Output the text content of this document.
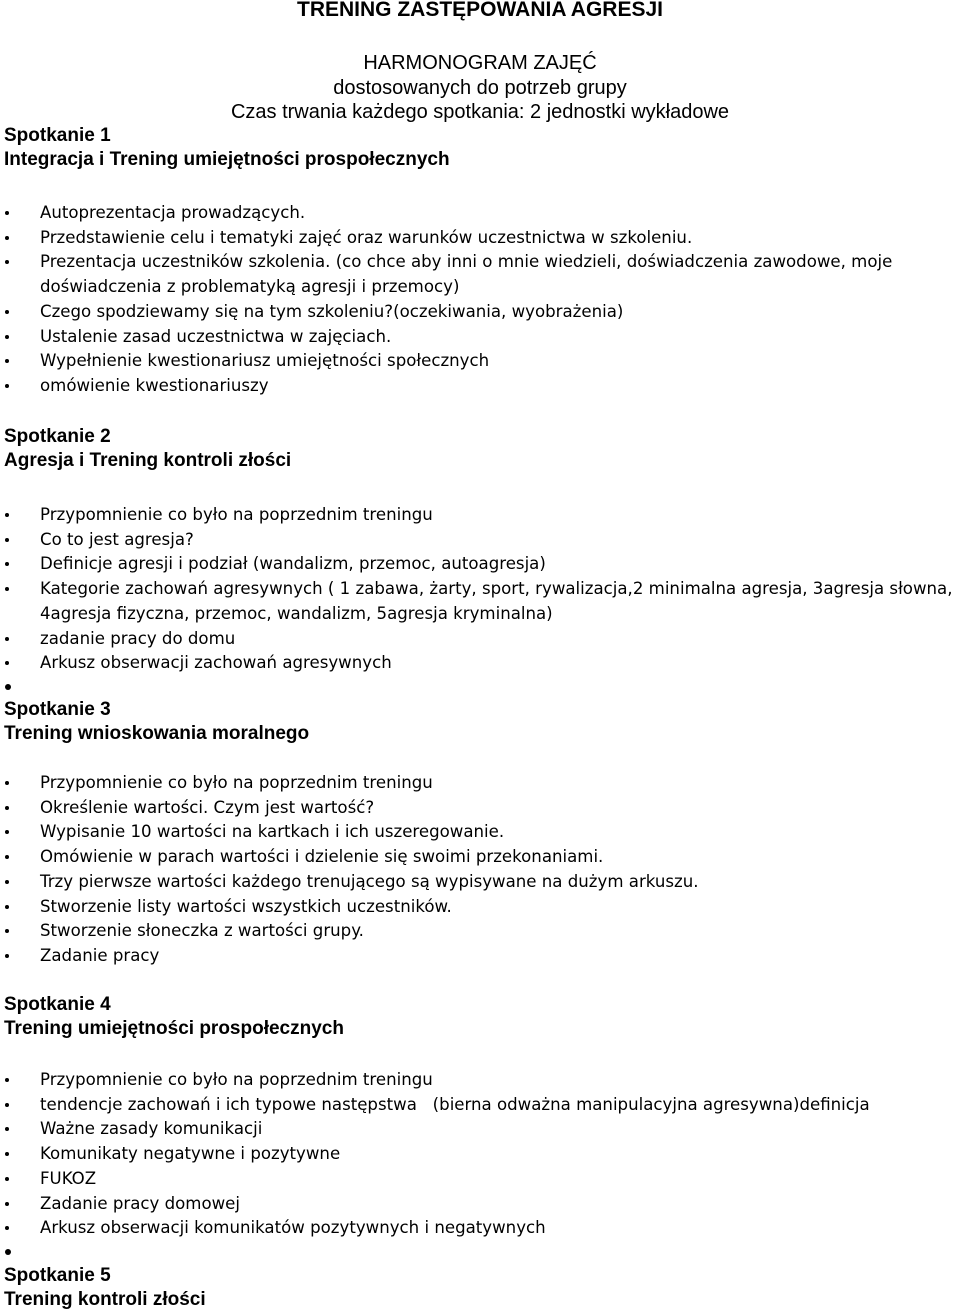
TRENING ZASTĘPOWANIA AGRESJI
HARMONOGRAM ZAJĘĆ
dostosowanych do potrzeb grupy
Czas trwania każdego spotkania: 2 jednostki wykładowe
Spotkanie 1
Integracja i Trening umiejętności prospołecznych
Autoprezentacja prowadzących.
Przedstawienie celu i tematyki zajęć oraz warunków uczestnictwa w szkoleniu.
Prezentacja uczestników szkolenia. (co chce aby inni o mnie wiedzieli, doświadczenia zawodowe, moje doświadczenia z problematyką agresji i przemocy)
Czego spodziewamy się na tym szkoleniu?(oczekiwania, wyobrażenia)
Ustalenie zasad uczestnictwa w zajęciach.
Wypełnienie kwestionariusz umiejętności społecznych
omówienie kwestionariuszy
Spotkanie 2
Agresja i Trening kontroli złości
Przypomnienie co było na poprzednim treningu
Co to jest agresja?
Definicje agresji i podział (wandalizm, przemoc, autoagresja)
Kategorie zachowań agresywnych ( 1 zabawa, żarty, sport, rywalizacja,2 minimalna agresja, 3agresja słowna, 4agresja fizyczna, przemoc, wandalizm, 5agresja kryminalna)
zadanie pracy do domu
Arkusz obserwacji zachowań agresywnych

Spotkanie 3
Trening wnioskowania moralnego
Przypomnienie co było na poprzednim treningu
Określenie wartości. Czym jest wartość?
Wypisanie 10 wartości na kartkach i ich uszeregowanie.
Omówienie w parach wartości i dzielenie się swoimi przekonaniami.
Trzy pierwsze wartości każdego trenującego są wypisywane na dużym arkuszu.
Stworzenie listy wartości wszystkich uczestników.
Stworzenie słoneczka z wartości grupy.
Zadanie pracy
Spotkanie 4
Trening umiejętności prospołecznych
Przypomnienie co było na poprzednim treningu
tendencje zachowań i ich typowe następstwa   (bierna odważna manipulacyjna agresywna)definicja
Ważne zasady komunikacji
Komunikaty negatywne i pozytywne
FUKOZ
Zadanie pracy domowej
Arkusz obserwacji komunikatów pozytywnych i negatywnych

Spotkanie 5
Trening kontroli złości
